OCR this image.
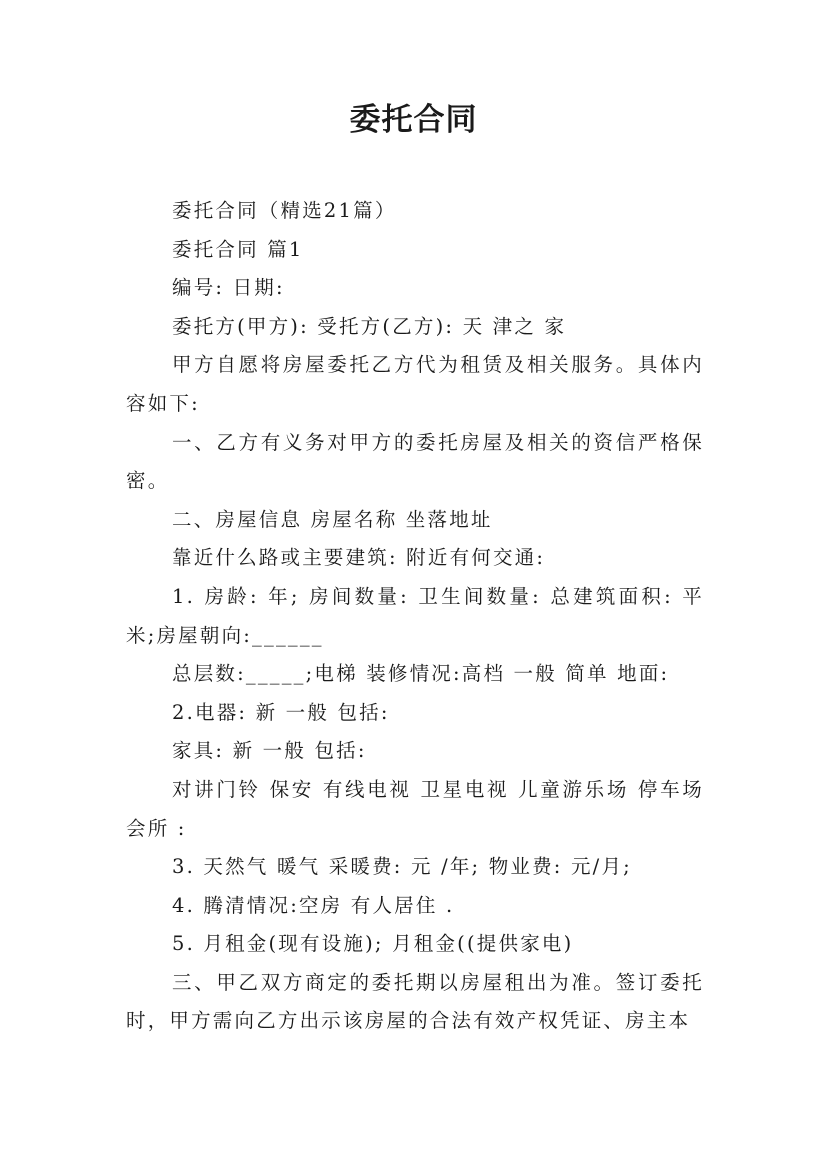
委托合同

委托合同（精选21篇）

委托合同 篇1

编号: 日期:

委托方(甲方): 受托方(乙方): 天 津之 家

甲方自愿将房屋委托乙方代为租赁及相关服务。具体内容如下:

一、乙方有义务对甲方的委托房屋及相关的资信严格保密。

二、房屋信息 房屋名称 坐落地址

靠近什么路或主要建筑: 附近有何交通:

1. 房龄: 年; 房间数量: 卫生间数量: 总建筑面积: 平米;房屋朝向:______

总层数:_____;电梯 装修情况:高档 一般 简单 地面:

2.电器: 新 一般 包括:

家具: 新 一般 包括:

对讲门铃 保安 有线电视 卫星电视 儿童游乐场 停车场 会所 :

3. 天然气 暖气 采暖费: 元 /年; 物业费: 元/月;

4. 腾清情况:空房 有人居住 .

5. 月租金(现有设施); 月租金((提供家电)

三、甲乙双方商定的委托期以房屋租出为准。签订委托时，甲方需向乙方出示该房屋的合法有效产权凭证、房主本
